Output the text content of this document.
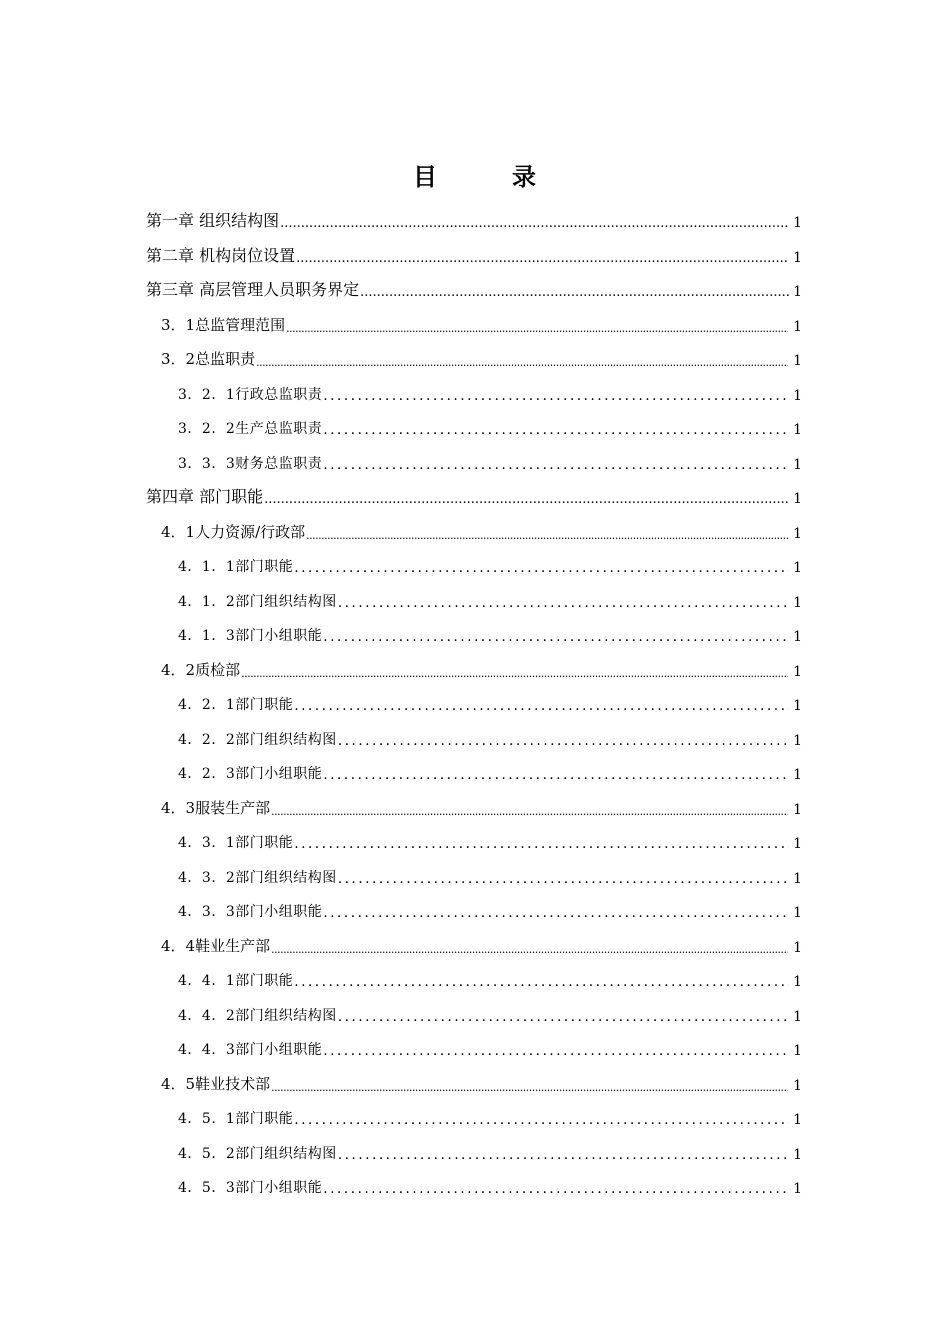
目	录
第一章 组织结构图 .....	1
第二章 机构岗位设置 .....	1
第三章 高层管理人员职务界定 .....	1
3．1总监管理范围 .....	1
3．2总监职责 .....	1
3．2．1行政总监职责 .....	1
3．2．2生产总监职责 .....	1
3．3．3财务总监职责 .....	1
第四章 部门职能 .....	1
4．1人力资源/行政部 .....	1
4．1．1部门职能 .....	1
4．1．2部门组织结构图 .....	1
4．1．3部门小组职能 .....	1
4．2质检部 .....	1
4．2．1部门职能 .....	1
4．2．2部门组织结构图 .....	1
4．2．3部门小组职能 .....	1
4．3服装生产部 .....	1
4．3．1部门职能 .....	1
4．3．2部门组织结构图 .....	1
4．3．3部门小组职能 .....	1
4．4鞋业生产部 .....	1
4．4．1部门职能 .....	1
4．4．2部门组织结构图 .....	1
4．4．3部门小组职能 .....	1
4．5鞋业技术部 .....	1
4．5．1部门职能 .....	1
4．5．2部门组织结构图 .....	1
4．5．3部门小组职能 .....	1
